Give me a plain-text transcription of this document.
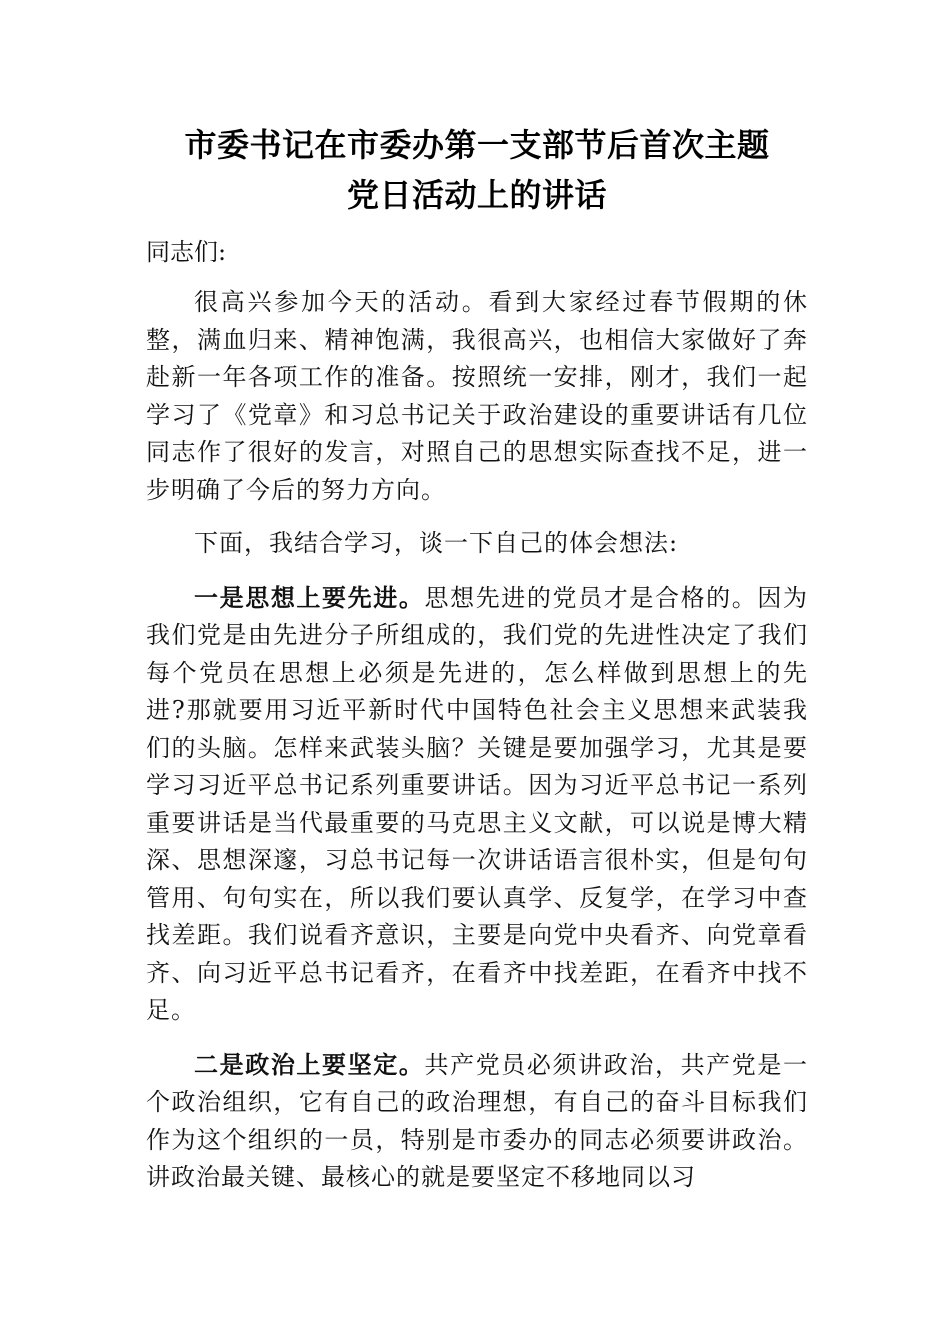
市委书记在市委办第一支部节后首次主题
党日活动上的讲话

同志们:

很高兴参加今天的活动。看到大家经过春节假期的休整，满血归来、精神饱满，我很高兴，也相信大家做好了奔赴新一年各项工作的准备。按照统一安排，刚才，我们一起学习了《党章》和习总书记关于政治建设的重要讲话有几位同志作了很好的发言，对照自己的思想实际查找不足，进一步明确了今后的努力方向。

下面，我结合学习，谈一下自己的体会想法:

一是思想上要先进。思想先进的党员才是合格的。因为我们党是由先进分子所组成的，我们党的先进性决定了我们每个党员在思想上必须是先进的，怎么样做到思想上的先进?那就要用习近平新时代中国特色社会主义思想来武装我们的头脑。怎样来武装头脑？关键是要加强学习，尤其是要学习习近平总书记系列重要讲话。因为习近平总书记一系列重要讲话是当代最重要的马克思主义文献，可以说是博大精深、思想深邃，习总书记每一次讲话语言很朴实，但是句句管用、句句实在，所以我们要认真学、反复学，在学习中查找差距。我们说看齐意识，主要是向党中央看齐、向党章看齐、向习近平总书记看齐，在看齐中找差距，在看齐中找不足。

二是政治上要坚定。共产党员必须讲政治，共产党是一个政治组织，它有自己的政治理想，有自己的奋斗目标我们作为这个组织的一员，特别是市委办的同志必须要讲政治。讲政治最关键、最核心的就是要坚定不移地同以习
